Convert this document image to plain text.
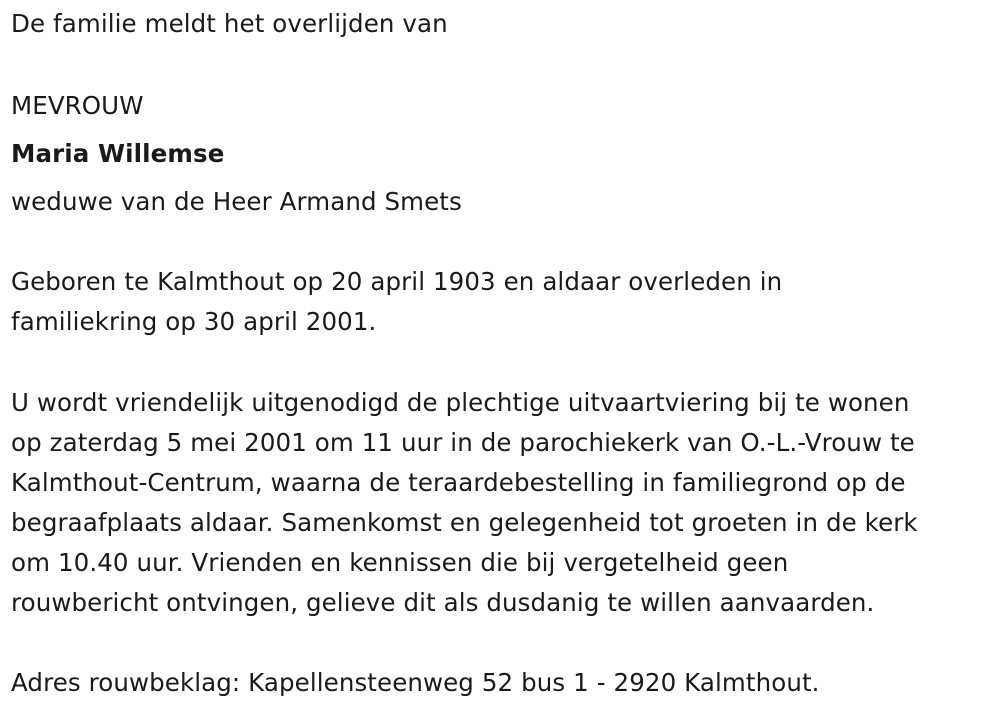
De familie meldt het overlijden van

MEVROUW

Maria Willemse

weduwe van de Heer Armand Smets

Geboren te Kalmthout op 20 april 1903 en aldaar overleden in
familiekring op 30 april 2001.
U wordt vriendelijk uitgenodigd de plechtige uitvaartviering bij te wonen
op zaterdag 5 mei 2001 om 11 uur in de parochiekerk van O.-L.-Vrouw te
Kalmthout-Centrum, waarna de teraardebestelling in familiegrond op de
begraafplaats aldaar. Samenkomst en gelegenheid tot groeten in de kerk
om 10.40 uur. Vrienden en kennissen die bij vergetelheid geen
rouwbericht ontvingen, gelieve dit als dusdanig te willen aanvaarden.

Adres rouwbeklag: Kapellensteenweg 52 bus 1 - 2920 Kalmthout.
